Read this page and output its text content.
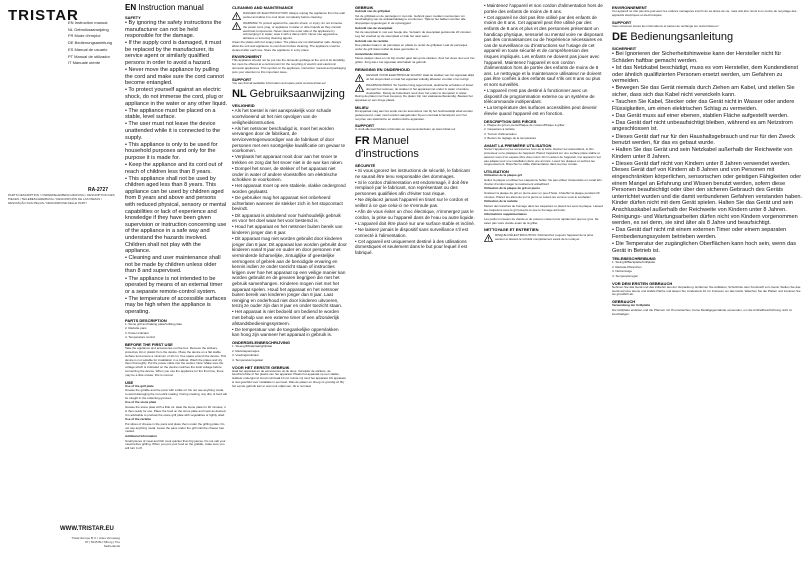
TRISTAR
EN Instruction manual
NL Gebruiksaanwijzing
FR Mode d'emploi
DE Bedienungsanleitung
ES Manual de usuario
PT Manual de utilizador
IT Manuale utente
RA-2727
PARTS DESCRIPTION / ONDERDELENBESCHRIJVING / DESCRIPTION DES PIECES / TEILEBESCHREIBUNG / DESCRIPCIÓN DE LAS PIEZAS / DESCRIÇÃO DAS PEÇAS / DESCRIZIONE DELLE PARTI
WWW.TRISTAR.EU
Tristar Europe B.V. | Jules Verneweg 87 | 5015 BH Tilburg | The Netherlands
EN Instruction manual
SAFETY

• By ignoring the safety instructions the manufacturer can not be held responsible for the damage.

• If the supply cord is damaged, it must be replaced by the manufacturer, its service agent or similarly qualified persons in order to avoid a hazard.

• Never move the appliance by pulling the cord and make sure the cord cannot become entangled.

• To protect yourself against an electric shock, do not immerse the cord, plug or appliance in the water or any other liquid.

• The appliance must be placed on a stable, level surface.

• The user must not leave the device unattended while it is connected to the supply.

• This appliance is only to be used for household purposes and only for the purpose it is made for.

• Keep the appliance and its cord out of reach of children less than 8 years.

• This appliance shall not be used by children aged less than 8 years. This appliance can be used by children aged from 8 years and above and persons with reduced physical, sensory or mental capabilities or lack of experience and knowledge if they have been given supervision or instruction concerning use of the appliance in a safe way and understand the hazards involved. Children shall not play with the appliance.

• Cleaning and user maintenance shall not be made by children unless older than 8 and supervised.

• The appliance is not intended to be operated by means of an external timer or a separate remote-control system.

• The temperature of accessible surfaces may be high when the appliance is operating.

PARTS DESCRIPTION

1. Stone grill and baking plate/Grilling plate

2. Raclette pans

3. Power indicator

4. Temperature control

BEFORE THE FIRST USE

Take the appliance and accessories out the box. Remove the stickers, protective foil or plastic from the device. Place the device on a flat stable surface and ensure a minimum of 10 cm. free space around the device. This device is not suitable for installation in a cabinet. Wash the plates and dry them thoroughly. Put the power cable into the socket. Note: Make sure the voltage which is indicated on the device matches the local voltage before connecting the device. When you use the appliance for the first time, there may be a little smoke; this is normal.

USE

Use of the grill plate

Grease the griddle and the pans with a little oil. Do not use anything metal, to avoid damaging the non-stick coating. During cooking, any drip of food will be caught in the collecting grooves.

Use of the stone plate

Grease the stone plate with a little oil. Heat the stone plate for 20 minutes; it is then ready for use. Place the food on the stone plate and cook as desired. It is advisable to preheat the stone grill plate with vegetables or lightly oiled.

Use of the raclette

Put slices of cheese in the pans and place them under the grilling plate. Do not use anything metal. Leave the pans under the grill until the cheese has melted.

Additional information

Small pieces of meat and fish cook quicker than big pieces. Do not salt your meat before grilling. When you put your food on the griddle, make sure you will turn it off.

CLEANING AND MAINTENANCE
DANGER OF ELECTROCUTION! Always unplug the appliance from the wall socket and allow it to cool down completely before cleaning.
WARNING! To protect against fire, electric shock, or injury: do not immerse the power cord, plug, or appliance in water or other liquids as they contain electrical components. Never clean the outer side of the appliance by submerging it in water; wipe it with a damp cloth. Never use aggressive, abrasive or scouring cleaning agents.

Clean the plates with hot soapy water. The plates are not dishwasher safe. Always allow the unit and appliance to cool down before cleaning. The appliance must be cleaned after each use. Store the appliance in a dry place.

ENVIRONMENT

This appliance should not be put into the domestic garbage at the end of its durability, but must be offered at a central point for the recycling of electric and electronic domestic appliances. This symbol on the appliance, instruction manual and packaging puts your attention to this important issue.

SUPPORT

You can find all available information and spare parts at www.tristar.eu!

NL Gebruiksaanwijzing
VEILIGHEID

• Als het toestel is niet aansprakelijk voor schade voortvloeiend uit het niet opvolgen van de veiligheidsinstructies.

• Als het netsnoer beschadigd is, moet het worden vervangen door de fabrikant, de servicevertegenwoordiger van de fabrikant of door personen met een soortgelijke kwalificatie om gevaar te voorkomen.

• Verplaats het apparaat nooit door aan het snoer te trekken en zorg dat het snoer niet in de war kan raken.

• Dompel het snoer, de stekker of het apparaat niet onder in water of andere vloeistoffen om elektrische schokken te voorkomen.

• Het apparaat moet op een stabiele, vlakke ondergrond worden geplaatst.

• De gebruiker mag het apparaat niet onbeheerd achterlaten wanneer de stekker zich in het stopcontact bevindt.

• Dit apparaat is uitsluitend voor huishoudelijk gebruik en voor het doel waar het voor bestemd is.

• Houd het apparaat en het netsnoer buiten bereik van kinderen jonger dan 8 jaar.

• Dit apparaat mag niet worden gebruikt door kinderen jonger dan 8 jaar. Dit apparaat kan worden gebruikt door kinderen vanaf 8 jaar en ouder en door personen met verminderde lichamelijke, zintuiglijke of geestelijke vermogens of gebrek aan de benodigde ervaring en kennis indien ze onder toezicht staan of instructies krijgen over hoe het apparaat op een veilige manier kan worden gebruikt en de gevaren begrijpen die met het gebruik samenhangen. Kinderen mogen niet met het apparaat spelen. Houd het apparaat en het netsnoer buiten bereik van kinderen jonger dan 8 jaar. Laat reiniging en onderhoud niet door kinderen uitvoeren, tenzij ze ouder zijn dan 8 jaar en onder toezicht staan.

• Het apparaat is niet bedoeld om bediend te worden met behulp van een externe timer of een afzonderlijk afstandsbedieningssysteem.

• De temperatuur van de toegankelijke oppervlakken kan hoog zijn wanneer het apparaat in gebruik is.

ONDERDELENBESCHRIJVING

1. Steengrill/bakplaat/grillplaat

2. Raclettepannetjes

3. Voedingsindicator

4. Temperatuurregelaar

VOOR HET EERSTE GEBRUIK

Haal het apparaat en de accessoires uit de doos. Verwijder de stickers, de beschermfolie of het plastic van het apparaat. Plaats het apparaat op een vlakke, stabiele ondergrond. Houd minimaal 10 cm ruimte vrij rond het apparaat. Dit apparaat is niet geschikt voor installatie in een kast. Was de platen en droog ze grondig af. Bij het eerste gebruik kan er wat rook vrijkomen; dit is normaal.

GEBRUIK

Gebruik van de grillplaat

Vet de grillplaat en de pannetjes in met olie. Gebruik geen metalen voorwerpen om beschadiging van de antiaanbaklaag te voorkomen. Tijdens het bakken worden alle druppeltjes opgevangen in de opvanggeul.

Gebruik van de steenplaat

Vet de steenplaat in met een beetje olie. Verwarm de steenplaat gedurende 20 minuten. Leg het voedsel op de steenplaat en bak het naar wens.

Gebruik van de raclette

Doe plakken kaas in de pannetjes en plaats ze onder de grillplaat. Laat de pannetjes onder de grill staan totdat de kaas gesmolten is.

Aanvullende informatie

Kleine stukjes vlees en vis zijn sneller gaar dan grote stukken. Zout het vlees niet voor het grillen. Zorg dat u het apparaat uitschakelt na gebruik.

REINIGING EN ONDERHOUD
GEVAAR VOOR ELEKTRISCHE SCHOK! Haal de stekker van het apparaat altijd uit het stopcontact en laat het apparaat volledig afkoelen voordat u het reinigt.
WAARSCHUWING! Ter bescherming tegen brand, elektrische schokken of letsel: dompel het netsnoer, de stekker of het apparaat niet onder in water of andere vloeistoffen. Reinig de buitenkant nooit door het onder te dompelen in water.

Reinig de platen met heet zeepsop. De platen zijn niet vaatwasserbestendig. Bewaar het apparaat op een droge plaats.

MILIEU

Dit apparaat mag aan het einde van de levensduur niet bij het huishoudelijk afval worden gedeponeerd, maar moet worden aangeboden bij een centraal inzamelpunt voor het recyclen van elektrische en elektronische apparaten.

SUPPORT

U vindt alle beschikbare informatie en reserveonderdelen op www.tristar.eu!

FR Manuel d'instructions
SÉCURITÉ

• Si vous ignorez les instructions de sécurité, le fabricant ne saurait être tenu responsable des dommages.

• Si le cordon d'alimentation est endommagé, il doit être remplacé par le fabricant, son représentant ou des personnes qualifiées afin d'éviter tout risque.

• Ne déplacez jamais l'appareil en tirant sur le cordon et veillez à ce que celui-ci ne s'enroule pas.

• Afin de vous éviter un choc électrique, n'immergez pas le cordon, la prise ou l'appareil dans de l'eau ou autre liquide.

• L'appareil doit être placé sur une surface stable et incliné.

• Ne laissez jamais le dispositif sans surveillance s'il est connecté à l'alimentation.

• Cet appareil est uniquement destiné à des utilisations domestiques et seulement dans le but pour lequel il est fabriqué.

• Maintenez l'appareil et son cordon d'alimentation hors de portée des enfants de moins de 8 ans.

• Cet appareil ne doit pas être utilisé par des enfants de moins de 8 ans. Cet appareil peut être utilisé par des enfants de 8 ans et plus et des personnes présentant un handicap physique, sensoriel ou mental voire ne disposant pas des connaissances ou de l'expérience nécessaires en cas de surveillance ou d'instructions sur l'usage de cet appareil en toute sécurité et de compréhension des risques impliqués. Les enfants ne doivent pas jouer avec l'appareil. Maintenez l'appareil et son cordon d'alimentation hors de portée des enfants de moins de 8 ans. Le nettoyage et la maintenance utilisateur ne doivent pas être confiés à des enfants sauf s'ils ont 8 ans ou plus et sont surveillés.

• L'appareil n'est pas destiné à fonctionner avec un dispositif de programmation externe ou un système de télécommande indépendant.

• La température des surfaces accessibles peut devenir élevée quand l'appareil est en fonction.

DESCRIPTION DES PIÈCES

1. Plaque de gril en pierre/Plaque de cuisson/Plaque à griller

2. Caquelons à raclette

3. Témoin d'alimentation

4. Bouton de réglage de la température

AVANT LA PREMIÈRE UTILISATION

Sortez l'appareil et les accessoires hors de la boîte. Retirez les autocollants, le film protecteur ou le plastique de l'appareil. Placez l'appareil sur une surface plane stable et assurez-vous d'un espace libre d'au moins 10 cm autour de l'appareil. Cet appareil n'est pas adapté pour une installation dans une armoire. Lavez les plaques et séchez-les soigneusement. Branchez le câble d'alimentation dans la prise murale.

UTILISATION

Utilisation de la plaque gril

Huilez la plaque et utilisez les caquelons huilés. Ne pas utiliser d'ustensiles en métal afin d'éviter d'endommager le revêtement antiadhésif.

Utilisation de la plaque de gril en pierre

Graissez la plaque de gril en pierre avec un peu d'huile. Chauffez la plaque pendant 20 minutes. Placez les aliments sur la pierre et cuisez-les comme vous le souhaitez.

Utilisation de la raclette

Mettez des tranches de fromage dans les caquelons et placez-les sous la plaque. Laissez les caquelons sous le gril jusqu'à ce que le fromage ait fondu.

Informations supplémentaires

Les petits morceaux de viande et de poisson cuisent plus rapidement que les gros. Ne salez pas votre viande avant de la griller.

NETTOYAGE ET ENTRETIEN
RISQUE D'ÉLECTROCUTION ! Débranchez toujours l'appareil de la prise secteur et laissez-le refroidir complètement avant de le nettoyer.
ENVIRONNEMENT

Cet appareil ne doit pas être jeté avec les ordures ménagères à la fin de sa durée de vie, mais doit être remis à un centre de recyclage des appareils électriques et électroniques.

SUPPORT

Vous retrouvez toutes les informations et pièces de rechange sur www.tristar.eu !

DE Bedienungsanleitung
SICHERHEIT

• Bei Ignorieren der Sicherheitshinweise kann der Hersteller nicht für Schäden haftbar gemacht werden.

• Ist das Netzkabel beschädigt, muss es vom Hersteller, dem Kundendienst oder ähnlich qualifizierten Personen ersetzt werden, um Gefahren zu vermeiden.

• Bewegen Sie das Gerät niemals durch Ziehen am Kabel, und stellen Sie sicher, dass sich das Kabel nicht verwickeln kann.

• Tauchen Sie Kabel, Stecker oder das Gerät nicht in Wasser oder andere Flüssigkeiten, um einen elektrischen Schlag zu vermeiden.

• Das Gerät muss auf einer ebenen, stabilen Fläche aufgestellt werden.

• Das Gerät darf nicht unbeaufsichtigt bleiben, während es am Netzstrom angeschlossen ist.

• Dieses Gerät darf nur für den Haushaltsgebrauch und nur für den Zweck benutzt werden, für das es gebaut wurde.

• Halten Sie das Gerät und sein Netzkabel außerhalb der Reichweite von Kindern unter 8 Jahren.

• Dieses Gerät darf nicht von Kindern unter 8 Jahren verwendet werden. Dieses Gerät darf von Kindern ab 8 Jahren und von Personen mit eingeschränkten körperlichen, sensorischen oder geistigen Fähigkeiten oder einem Mangel an Erfahrung und Wissen benutzt werden, sofern diese Personen beaufsichtigt oder über den sicheren Gebrauch des Geräts unterrichtet wurden und die damit verbundenen Gefahren verstanden haben. Kinder dürfen nicht mit dem Gerät spielen. Halten Sie das Gerät und sein Anschlusskabel außerhalb der Reichweite von Kindern unter 8 Jahren. Reinigungs- und Wartungsarbeiten dürfen nicht von Kindern vorgenommen werden, es sei denn, sie sind älter als 8 Jahre und beaufsichtigt.

• Das Gerät darf nicht mit einem externen Timer oder einem separaten Fernbedienungssystem betrieben werden.

• Die Temperatur der zugänglichen Oberflächen kann hoch sein, wenn das Gerät in Betrieb ist.

TEILEBESCHREIBUNG

1. Steingrill/Backplatte/Grillplatte

2. Raclette-Pfännchen

3. Netzanzeige

4. Temperaturregler

VOR DEM ERSTEN GEBRAUCH

Nehmen Sie das Gerät und das Zubehör aus der Verpackung. Entfernen Sie Aufkleber, Schutzfolie oder Kunststoff vom Gerät. Stellen Sie das Gerät auf eine ebene und stabile Fläche und lassen Sie mindestens 10 cm Freiraum um das Gerät. Waschen Sie die Platten und trocknen Sie sie gründlich ab.

GEBRAUCH

Verwendung der Grillplatte

Die Grillplatte einfetten und die Pfannen mit Öl einstreichen. Keine Metallgegenstände verwenden, um die Antihaftbeschichtung nicht zu beschädigen.
